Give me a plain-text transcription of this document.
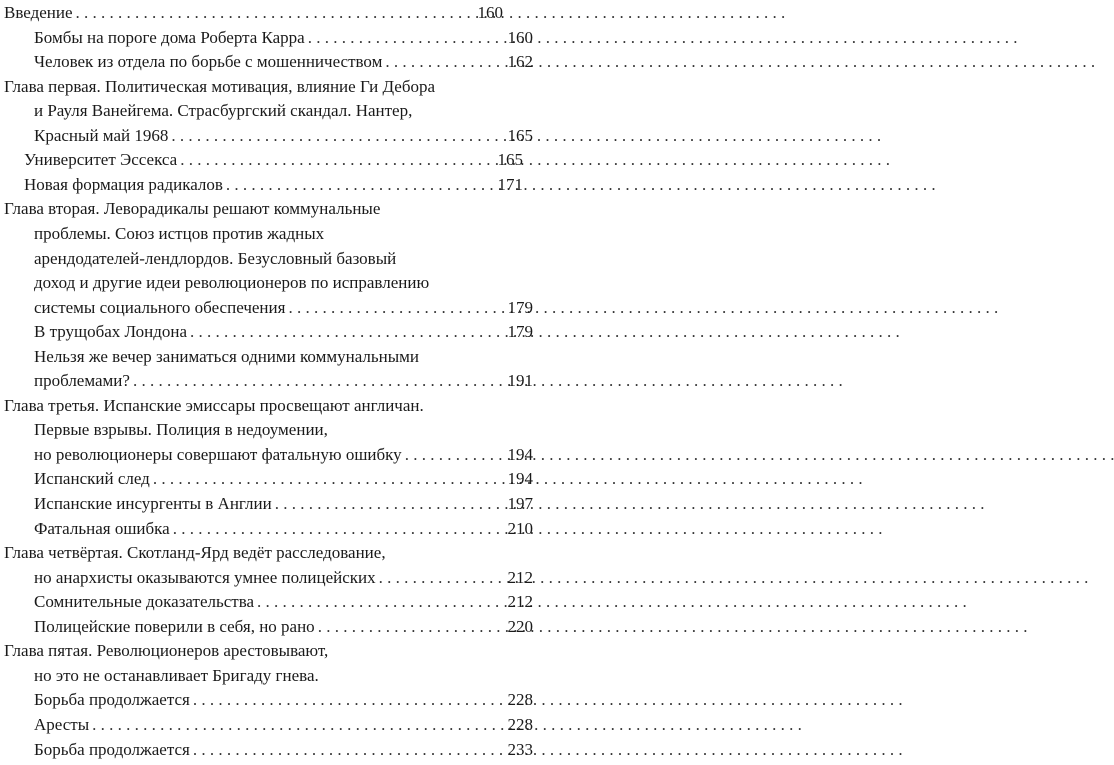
Введение . . .	160
Бомбы на пороге дома Роберта Карра . . .	160
Человек из отдела по борьбе с мошенничеством . . .	162
Глава первая. Политическая мотивация, влияние Ги Дебора
и Рауля Ванейгема. Страсбургский скандал. Нантер,
Красный май 1968 . . .	165
Университет Эссекса . . .	165
Новая формация радикалов . . .	171
Глава вторая. Леворадикалы решают коммунальные
проблемы. Союз истцов против жадных
арендодателей-лендлордов. Безусловный базовый
доход и другие идеи революционеров по исправлению
системы социального обеспечения . . .	179
В трущобах Лондона . . .	179
Нельзя же вечер заниматься одними коммунальными
проблемами? . . .	191
Глава третья. Испанские эмиссары просвещают англичан.
Первые взрывы. Полиция в недоумении,
но революционеры совершают фатальную ошибку . . .	194
Испанский след . . .	194
Испанские инсургенты в Англии . . .	197
Фатальная ошибка . . .	210
Глава четвёртая. Скотланд-Ярд ведёт расследование,
но анархисты оказываются умнее полицейских . . .	212
Сомнительные доказательства . . .	212
Полицейские поверили в себя, но рано . . .	220
Глава пятая. Революционеров арестовывают,
но это не останавливает Бригаду гнева.
Борьба продолжается . . .	228
Аресты . . .	228
Борьба продолжается . . .	233
